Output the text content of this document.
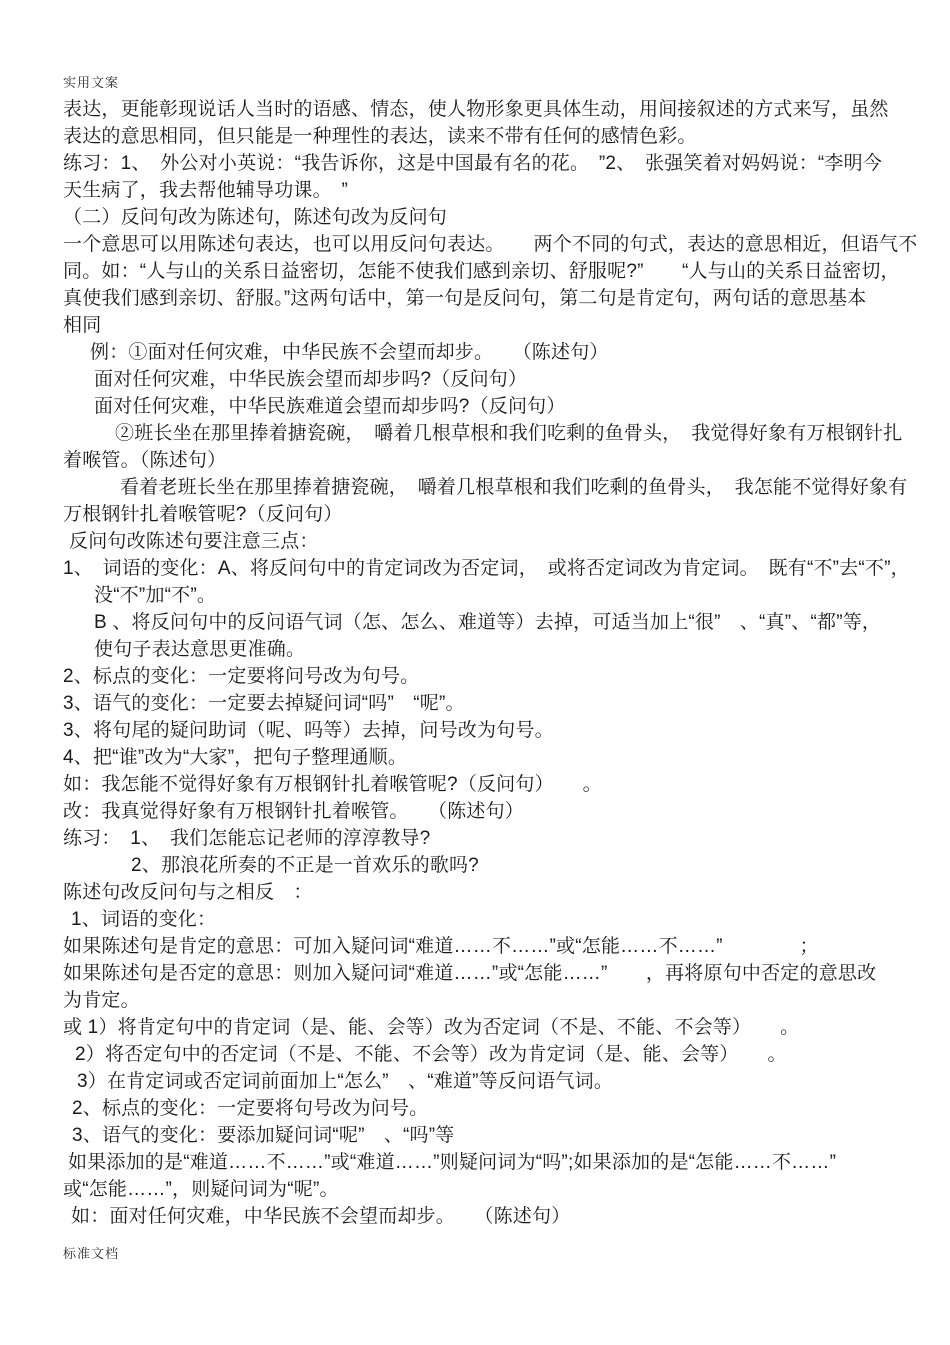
实用文案
表达，更能彰现说话人当时的语感、情态，使人物形象更具体生动，用间接叙述的方式来写，虽然
表达的意思相同，但只能是一种理性的表达，读来不带有任何的感情色彩。
练习：1、　外公对小英说：“我告诉你，这是中国最有名的花。　”2、　张强笑着对妈妈说：“李明今
天生病了，我去帮他辅导功课。　”
（二）反问句改为陈述句，陈述句改为反问句
一个意思可以用陈述句表达，也可以用反问句表达。　　两个不同的句式，表达的意思相近，但语气不
同。如：“人与山的关系日益密切，怎能不使我们感到亲切、舒服呢?”　　“人与山的关系日益密切，
真使我们感到亲切、舒服。”这两句话中，第一句是反问句，第二句是肯定句，两句话的意思基本
相同
例：①面对任何灾难，中华民族不会望而却步。　　（陈述句）
面对任何灾难，中华民族会望而却步吗?（反问句）
面对任何灾难，中华民族难道会望而却步吗?（反问句）
②班长坐在那里捧着搪瓷碗，　嚼着几根草根和我们吃剩的鱼骨头，　我觉得好象有万根钢针扎
着喉管。（陈述句）
看着老班长坐在那里捧着搪瓷碗，　嚼着几根草根和我们吃剩的鱼骨头，　我怎能不觉得好象有
万根钢针扎着喉管呢?（反问句）
反问句改陈述句要注意三点：
1、　词语的变化：A、将反问句中的肯定词改为否定词，　或将否定词改为肯定词。　既有“不”去“不”，
没“不”加“不”。
B 、将反问句中的反问语气词（怎、怎么、难道等）去掉，可适当加上“很”　、“真”、“都”等，
使句子表达意思更准确。
2、标点的变化：一定要将问号改为句号。
3、语气的变化：一定要去掉疑问词“吗”　“呢”。
3、将句尾的疑问助词（呢、吗等）去掉，问号改为句号。
4、把“谁”改为“大家”，把句子整理通顺。
如：我怎能不觉得好象有万根钢针扎着喉管呢?（反问句）　　。
改：我真觉得好象有万根钢针扎着喉管。　　（陈述句）
练习：　1、　我们怎能忘记老师的淳淳教导?
2、那浪花所奏的不正是一首欢乐的歌吗?
陈述句改反问句与之相反　：
1、词语的变化：
如果陈述句是肯定的意思：可加入疑问词“难道……不……”或“怎能……不……”　　　　；
如果陈述句是否定的意思：则加入疑问词“难道……”或“怎能……”　　，再将原句中否定的意思改
为肯定。
或 1）将肯定句中的肯定词（是、能、会等）改为否定词（不是、不能、不会等）　　。
2）将否定句中的否定词（不是、不能、不会等）改为肯定词（是、能、会等）　　。
3）在肯定词或否定词前面加上“怎么”　、“难道”等反问语气词。
2、标点的变化：一定要将句号改为问号。
3、语气的变化：要添加疑问词“呢”　、“吗”等
如果添加的是“难道……不……”或“难道……”则疑问词为“吗”;如果添加的是“怎能……不……”
或“怎能……”，则疑问词为“呢”。
如：面对任何灾难，中华民族不会望而却步。　　（陈述句）
标准文档
